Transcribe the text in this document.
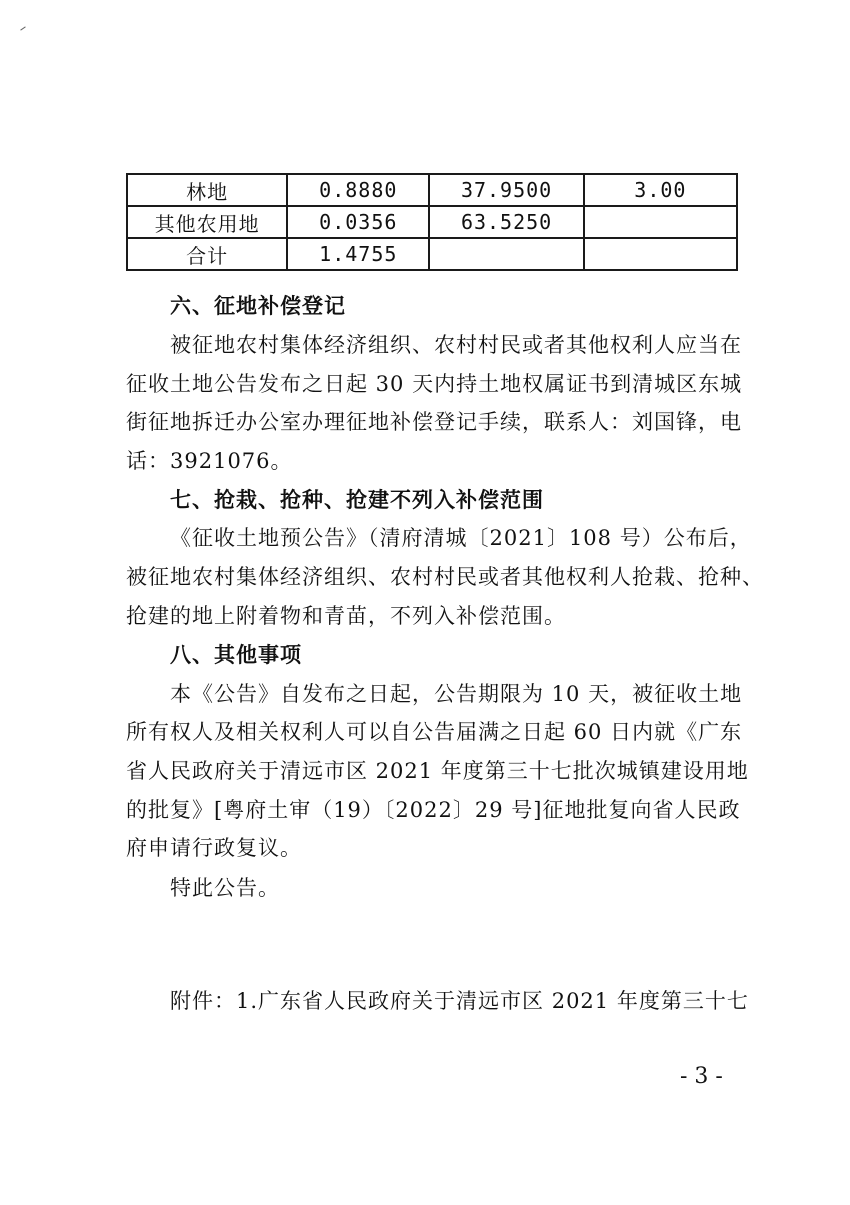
林地	0.8880	37.9500	3.00
其他农用地	0.0356	63.5250	
合计	1.4755		
六、征地补偿登记
被征地农村集体经济组织、农村村民或者其他权利人应当在
征收土地公告发布之日起 30 天内持土地权属证书到清城区东城
街征地拆迁办公室办理征地补偿登记手续，联系人：刘国锋，电
话：3921076。
七、抢栽、抢种、抢建不列入补偿范围
《征收土地预公告》（清府清城〔2021〕108 号）公布后，
被征地农村集体经济组织、农村村民或者其他权利人抢栽、抢种、
抢建的地上附着物和青苗，不列入补偿范围。
八、其他事项
本《公告》自发布之日起，公告期限为 10 天，被征收土地
所有权人及相关权利人可以自公告届满之日起 60 日内就《广东
省人民政府关于清远市区 2021 年度第三十七批次城镇建设用地
的批复》[粤府土审（19）〔2022〕29 号]征地批复向省人民政
府申请行政复议。
特此公告。
附件：1.广东省人民政府关于清远市区 2021 年度第三十七
- 3 -
